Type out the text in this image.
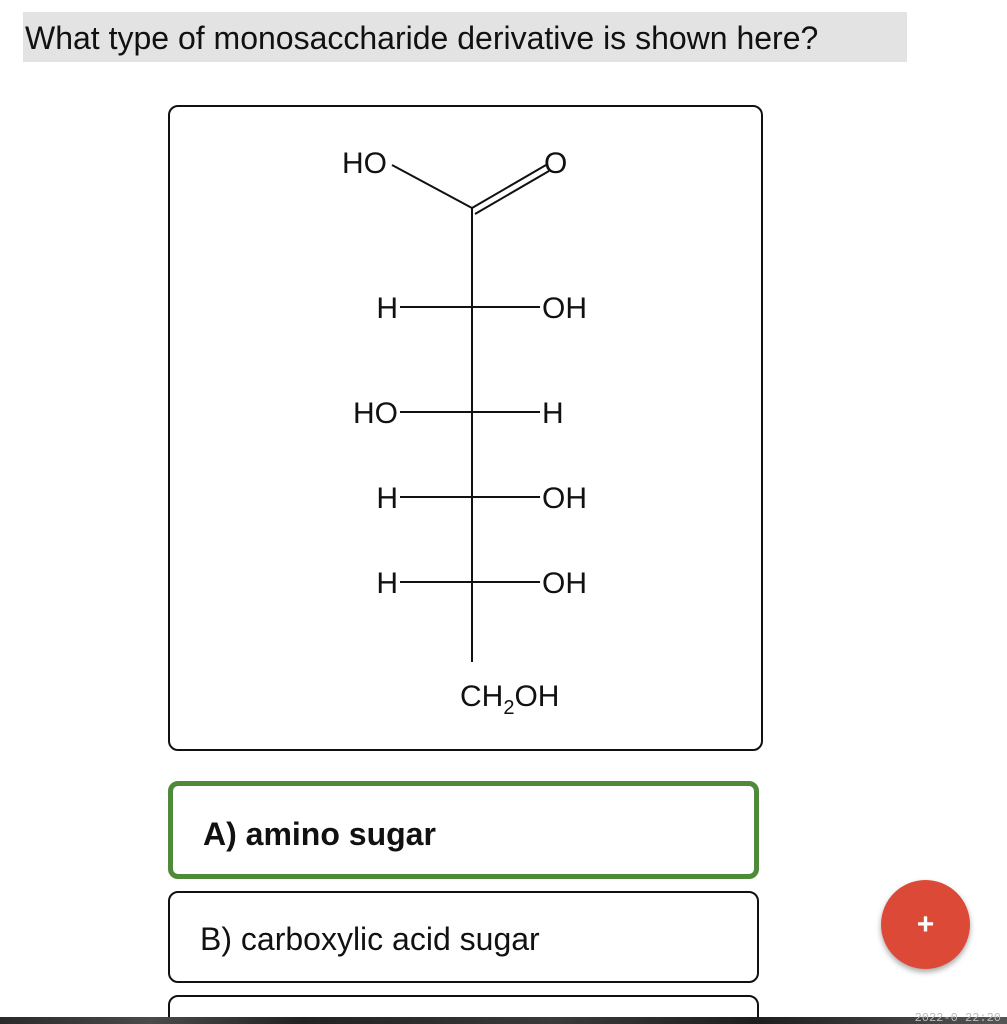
What type of monosaccharide derivative is shown here?
HO	O
H	OH
HO	H
H	OH
H	OH
$CH_2OH$
A) amino sugar
B) carboxylic acid sugar	+
2022-0 22:20
